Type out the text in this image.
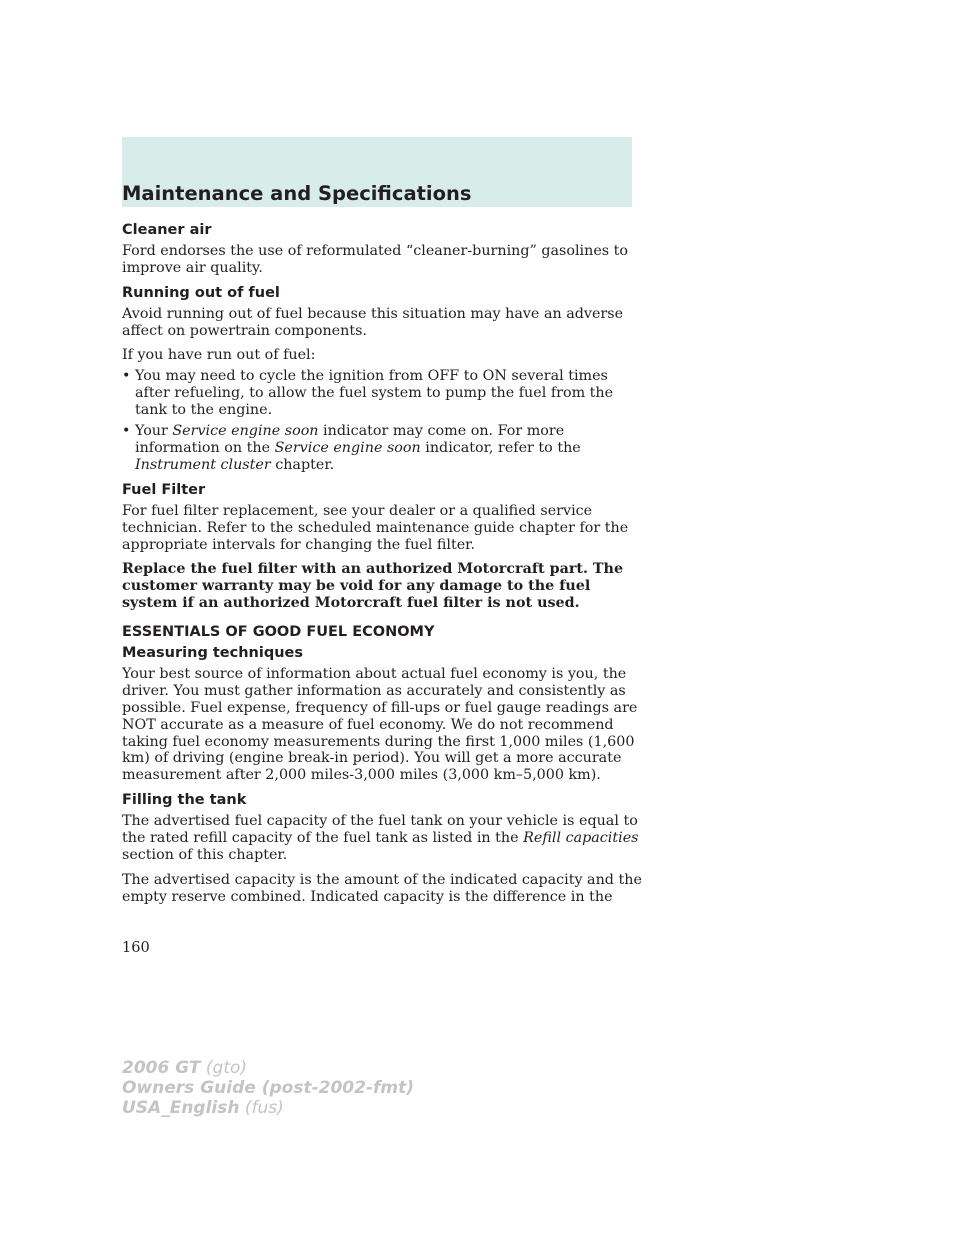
Maintenance and Specifications
Cleaner air

Ford endorses the use of reformulated “cleaner-burning” gasolines to improve air quality.

Running out of fuel

Avoid running out of fuel because this situation may have an adverse affect on powertrain components.

If you have run out of fuel:

• You may need to cycle the ignition from OFF to ON several times after refueling, to allow the fuel system to pump the fuel from the tank to the engine.
• Your Service engine soon indicator may come on. For more information on the Service engine soon indicator, refer to the Instrument cluster chapter.
Fuel Filter

For fuel filter replacement, see your dealer or a qualified service technician. Refer to the scheduled maintenance guide chapter for the appropriate intervals for changing the fuel filter.

Replace the fuel filter with an authorized Motorcraft part. The customer warranty may be void for any damage to the fuel system if an authorized Motorcraft fuel filter is not used.

ESSENTIALS OF GOOD FUEL ECONOMY
Measuring techniques

Your best source of information about actual fuel economy is you, the driver. You must gather information as accurately and consistently as possible. Fuel expense, frequency of fill-ups or fuel gauge readings are NOT accurate as a measure of fuel economy. We do not recommend taking fuel economy measurements during the first 1,000 miles (1,600 km) of driving (engine break-in period). You will get a more accurate measurement after 2,000 miles-3,000 miles (3,000 km–5,000 km).

Filling the tank

The advertised fuel capacity of the fuel tank on your vehicle is equal to the rated refill capacity of the fuel tank as listed in the Refill capacities section of this chapter.

The advertised capacity is the amount of the indicated capacity and the empty reserve combined. Indicated capacity is the difference in the

160
2006 GT (gto)
Owners Guide (post-2002-fmt)
USA_English (fus)
